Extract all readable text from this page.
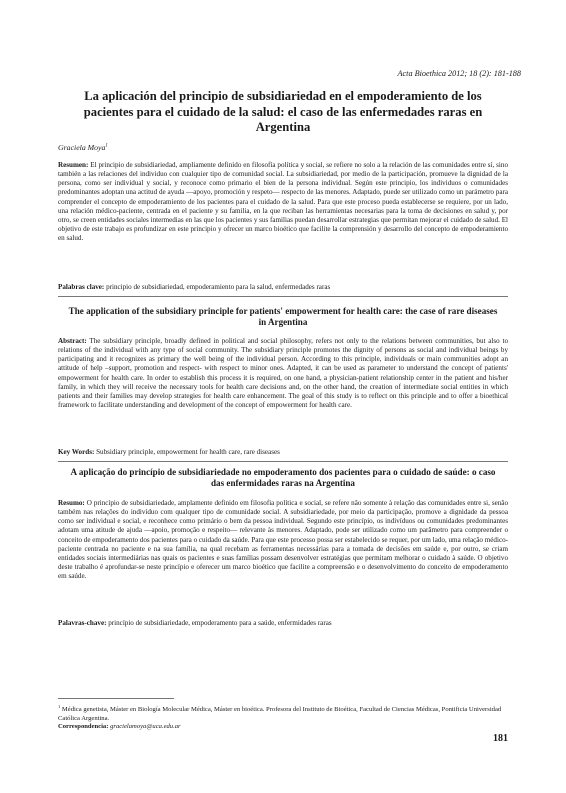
Acta Bioethica 2012; 18 (2): 181-188
La aplicación del principio de subsidiariedad en el empoderamiento de los pacientes para el cuidado de la salud: el caso de las enfermedades raras en Argentina
Graciela Moya$^1$
Resumen: El principio de subsidiariedad, ampliamente definido en filosofía política y social, se refiere no solo a la relación de las comunidades entre sí, sino también a las relaciones del individuo con cualquier tipo de comunidad social. La subsidiariedad, por medio de la participación, promueve la dignidad de la persona, como ser individual y social, y reconoce como primario el bien de la persona individual. Según este principio, los individuos o comunidades predominantes adoptan una actitud de ayuda —apoyo, promoción y respeto— respecto de las menores. Adaptado, puede ser utilizado como un parámetro para comprender el concepto de empoderamiento de los pacientes para el cuidado de la salud. Para que este proceso pueda establecerse se requiere, por un lado, una relación médico-paciente, centrada en el paciente y su familia, en la que reciban las herramientas necesarias para la toma de decisiones en salud y, por otro, se creen entidades sociales intermedias en las que los pacientes y sus familias puedan desarrollar estrategias que permitan mejorar el cuidado de salud. El objetivo de este trabajo es profundizar en este principio y ofrecer un marco bioético que facilite la comprensión y desarrollo del concepto de empoderamiento en salud.
Palabras clave: principio de subsidiariedad, empoderamiento para la salud, enfermedades raras
The application of the subsidiary principle for patients' empowerment for health care: the case of rare diseases in Argentina
Abstract: The subsidiary principle, broadly defined in political and social philosophy, refers not only to the relations between communities, but also to relations of the individual with any type of social community. The subsidiary principle promotes the dignity of persons as social and individual beings by participating and it recognizes as primary the well being of the individual person. According to this principle, individuals or main communities adopt an attitude of help –support, promotion and respect- with respect to minor ones. Adapted, it can be used as parameter to understand the concept of patients' empowerment for health care. In order to establish this process it is required, on one hand, a physician-patient relationship center in the patient and his/her family, in which they will receive the necessary tools for health care decisions and, on the other hand, the creation of intermediate social entities in which patients and their families may develop strategies for health care enhancement. The goal of this study is to reflect on this principle and to offer a bioethical framework to facilitate understanding and development of the concept of empowerment for health care.
Key Words: Subsidiary principle, empowerment for health care, rare diseases
A aplicação do princípio de subsidiariedade no empoderamento dos pacientes para o cuidado de saúde: o caso das enfermidades raras na Argentina
Resumo: O princípio de subsidiariedade, amplamente definido em filosofia política e social, se refere não somente à relação das comunidades entre si, senão também nas relações do indivíduo com qualquer tipo de comunidade social. A subsidiariedade, por meio da participação, promove a dignidade da pessoa como ser individual e social, e reconhece como primário o bem da pessoa individual. Segundo este princípio, os indivíduos ou comunidades predominantes adotam uma atitude de ajuda —apoio, promoção e respeito— relevante às menores. Adaptado, pode ser utilizado como um parâmetro para compreender o conceito de empoderamento dos pacientes para o cuidado da saúde. Para que este processo possa ser estabelecido se requer, por um lado, uma relação médico-paciente centrada no paciente e na sua família, na qual recebam as ferramentas necessárias para a tomada de decisões em saúde e, por outro, se criam entidades sociais intermediárias nas quais os pacientes e suas famílias possam desenvolver estratégias que permitam melhorar o cuidado à saúde. O objetivo deste trabalho é aprofundar-se neste princípio e oferecer um marco bioético que facilite a compreensão e o desenvolvimento do conceito de empoderamento em saúde.
Palavras-chave: princípio de subsidiariedade, empoderamento para a saúde, enfermidades raras
$^1$ Médica genetista, Máster en Biología Molecular Médica, Máster en bioética. Profesora del Instituto de Bioética, Facultad de Ciencias Médicas, Pontificia Universidad Católica Argentina.
Correspondencia: gracielamoya@uca.edu.ar
181
